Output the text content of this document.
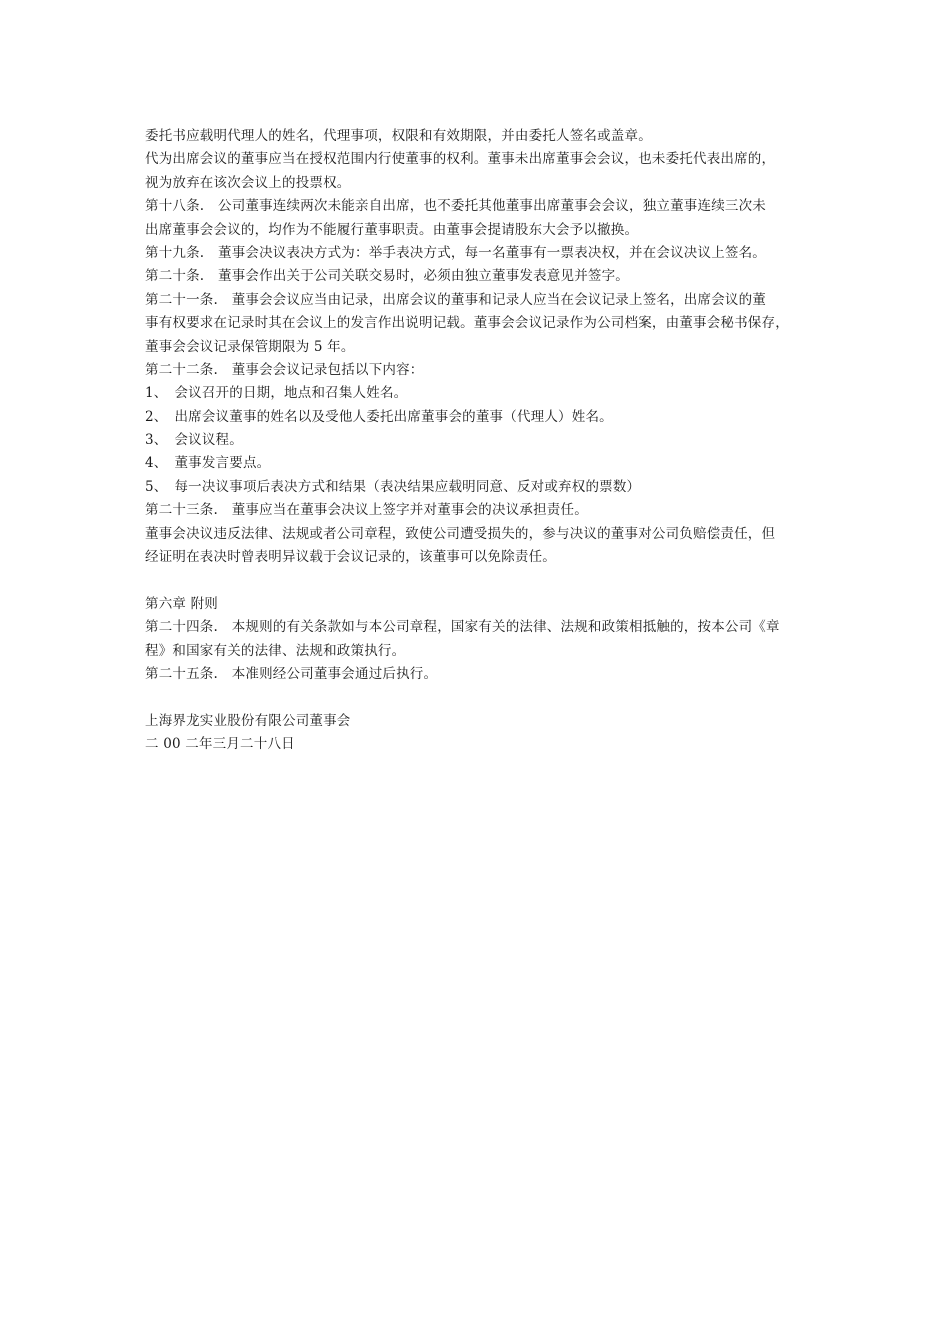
委托书应载明代理人的姓名，代理事项，权限和有效期限，并由委托人签名或盖章。
代为出席会议的董事应当在授权范围内行使董事的权利。董事未出席董事会会议，也未委托代表出席的，
视为放弃在该次会议上的投票权。
第十八条.　公司董事连续两次未能亲自出席，也不委托其他董事出席董事会会议，独立董事连续三次未
出席董事会会议的，均作为不能履行董事职责。由董事会提请股东大会予以撤换。
第十九条.　董事会决议表决方式为：举手表决方式，每一名董事有一票表决权，并在会议决议上签名。
第二十条.　董事会作出关于公司关联交易时，必须由独立董事发表意见并签字。
第二十一条.　董事会会议应当由记录，出席会议的董事和记录人应当在会议记录上签名，出席会议的董
事有权要求在记录时其在会议上的发言作出说明记载。董事会会议记录作为公司档案，由董事会秘书保存，
董事会会议记录保管期限为 5 年。
第二十二条.　董事会会议记录包括以下内容：
1、　会议召开的日期，地点和召集人姓名。
2、　出席会议董事的姓名以及受他人委托出席董事会的董事（代理人）姓名。
3、　会议议程。
4、　董事发言要点。
5、　每一决议事项后表决方式和结果（表决结果应载明同意、反对或弃权的票数）
第二十三条.　董事应当在董事会决议上签字并对董事会的决议承担责任。
董事会决议违反法律、法规或者公司章程，致使公司遭受损失的，参与决议的董事对公司负赔偿责任，但
经证明在表决时曾表明异议载于会议记录的，该董事可以免除责任。
第六章 附则
第二十四条.　本规则的有关条款如与本公司章程，国家有关的法律、法规和政策相抵触的，按本公司《章
程》和国家有关的法律、法规和政策执行。
第二十五条.　本准则经公司董事会通过后执行。
上海界龙实业股份有限公司董事会
二 00 二年三月二十八日
